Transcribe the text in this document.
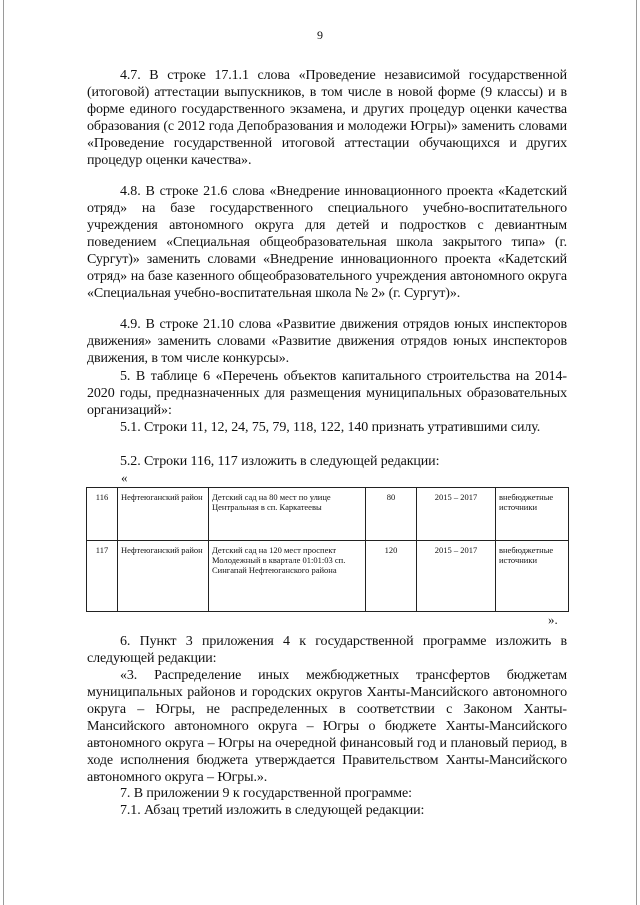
9

4.7. В строке 17.1.1 слова «Проведение независимой государственной (итоговой) аттестации выпускников, в том числе в новой форме (9 классы) и в форме единого государственного экзамена, и других процедур оценки качества образования (с 2012 года Депобразования и молодежи Югры)» заменить словами «Проведение государственной итоговой аттестации обучающихся и других процедур оценки качества».

4.8. В строке 21.6 слова «Внедрение инновационного проекта «Кадетский отряд» на базе государственного специального учебно-воспитательного учреждения автономного округа для детей и подростков с девиантным поведением «Специальная общеобразовательная школа закрытого типа» (г. Сургут)» заменить словами «Внедрение инновационного проекта «Кадетский отряд» на базе казенного общеобразовательного учреждения автономного округа «Специальная учебно-воспитательная школа № 2» (г. Сургут)».

4.9. В строке 21.10 слова «Развитие движения отрядов юных инспекторов движения» заменить словами «Развитие движения отрядов юных инспекторов движения, в том числе конкурсы».

5. В таблице 6 «Перечень объектов капитального строительства на 2014-2020 годы, предназначенных для размещения муниципальных образовательных организаций»:

5.1. Строки 11, 12, 24, 75, 79, 118, 122, 140 признать утратившими силу.

5.2. Строки 116, 117 изложить в следующей редакции:

«
116	Нефтеюганский район	Детский сад на 80 мест по улице Центральная в сп. Каркатеевы	80	2015 – 2017	внебюджетные источники
117	Нефтеюганский район	Детский сад на 120 мест проспект Молодежный в квартале 01:01:03 сп. Сингапай Нефтеюганского района	120	2015 – 2017	внебюджетные источники
».

6. Пункт 3 приложения 4 к государственной программе изложить в следующей редакции:

«3. Распределение иных межбюджетных трансфертов бюджетам муниципальных районов и городских округов Ханты-Мансийского автономного округа – Югры, не распределенных в соответствии с Законом Ханты-Мансийского автономного округа – Югры о бюджете Ханты-Мансийского автономного округа – Югры на очередной финансовый год и плановый период, в ходе исполнения бюджета утверждается Правительством Ханты-Мансийского автономного округа – Югры.».

7. В приложении 9 к государственной программе:

7.1. Абзац третий изложить в следующей редакции:
